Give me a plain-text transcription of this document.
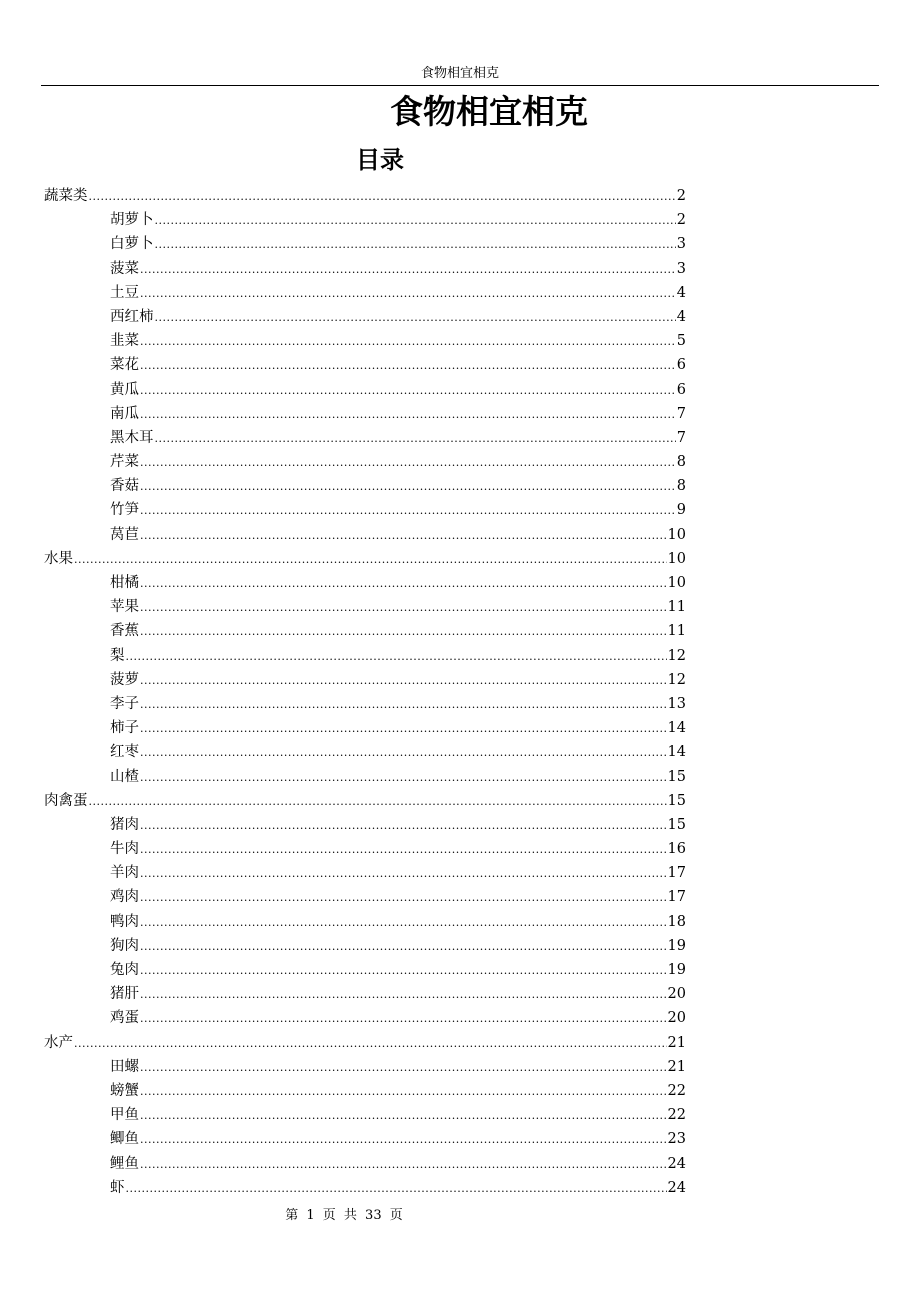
食物相宜相克
食物相宜相克
目录
蔬菜类 .....	2
胡萝卜 .....	2
白萝卜 .....	3
菠菜 .....	3
土豆 .....	4
西红柿 .....	4
韭菜 .....	5
菜花 .....	6
黄瓜 .....	6
南瓜 .....	7
黑木耳 .....	7
芹菜 .....	8
香菇 .....	8
竹笋 .....	9
莴苣 .....	10
水果 .....	10
柑橘 .....	10
苹果 .....	11
香蕉 .....	11
梨 .....	12
菠萝 .....	12
李子 .....	13
柿子 .....	14
红枣 .....	14
山楂 .....	15
肉禽蛋 .....	15
猪肉 .....	15
牛肉 .....	16
羊肉 .....	17
鸡肉 .....	17
鸭肉 .....	18
狗肉 .....	19
兔肉 .....	19
猪肝 .....	20
鸡蛋 .....	20
水产 .....	21
田螺 .....	21
螃蟹 .....	22
甲鱼 .....	22
鲫鱼 .....	23
鲤鱼 .....	24
虾 .....	24
第 1 页 共 33 页
